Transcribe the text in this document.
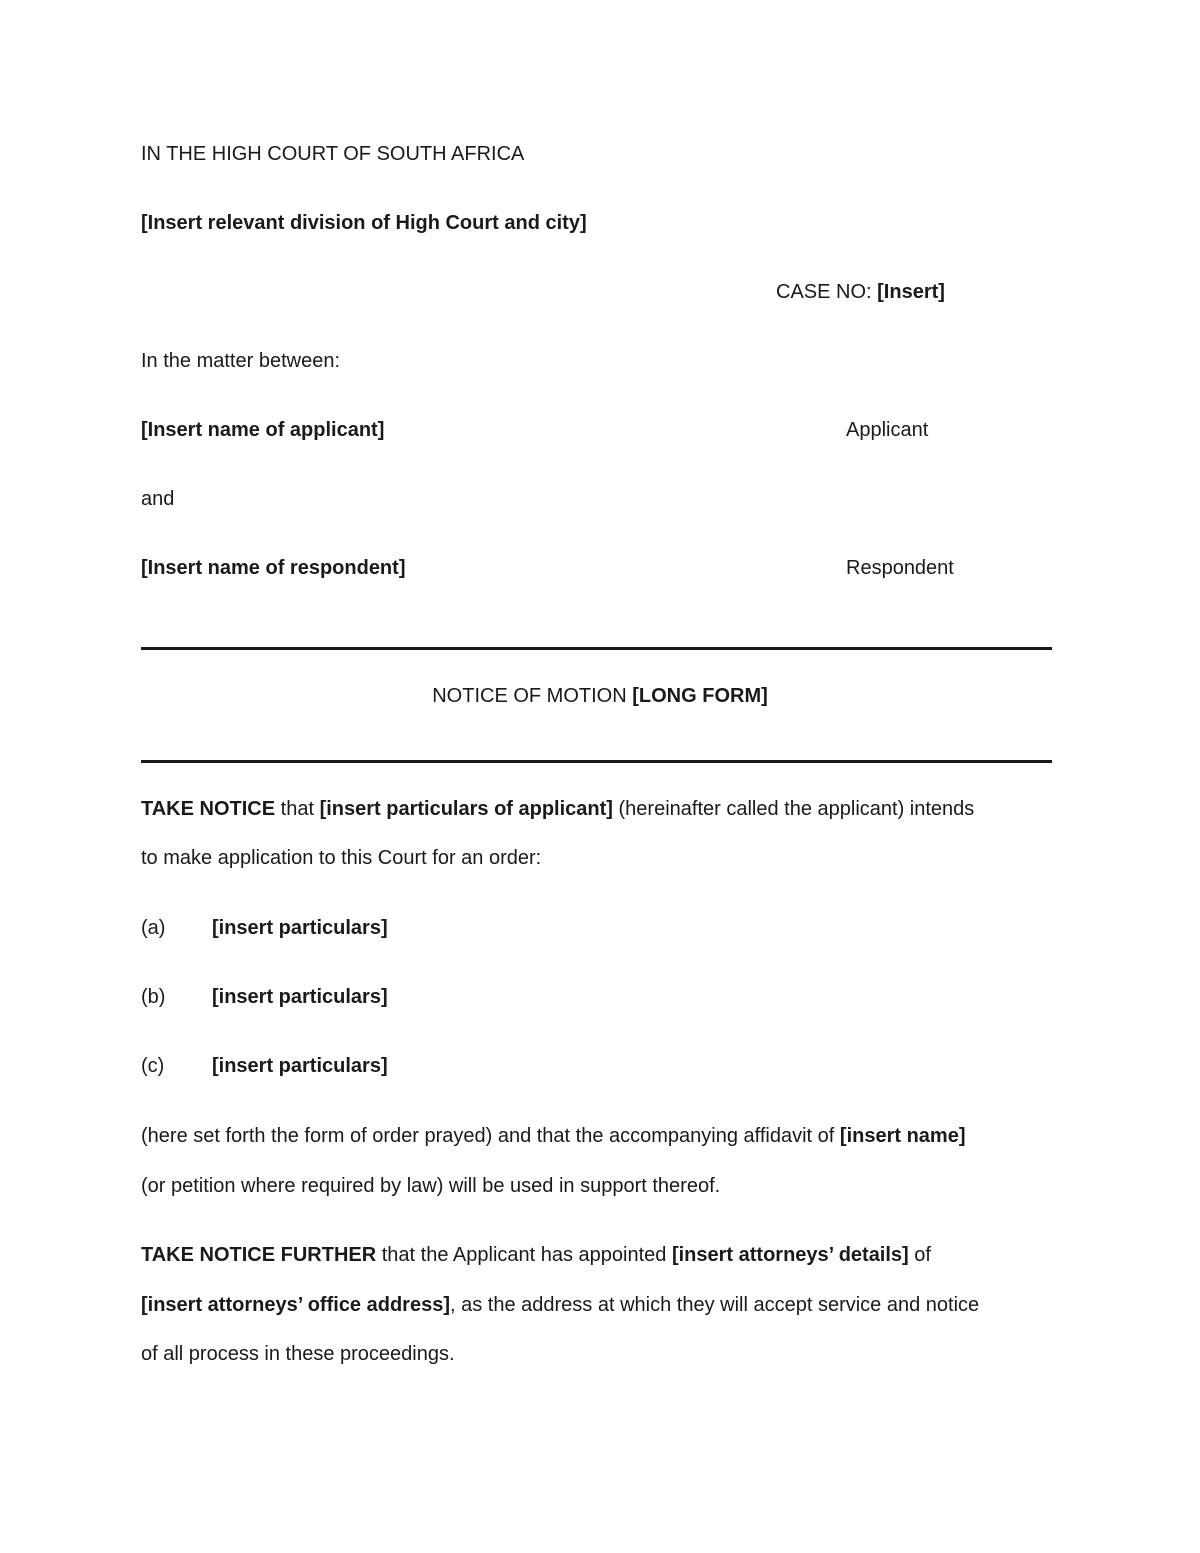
IN THE HIGH COURT OF SOUTH AFRICA
[Insert relevant division of High Court and city]
CASE NO: [Insert]
In the matter between:
[Insert name of applicant]	Applicant
and
[Insert name of respondent]	Respondent
NOTICE OF MOTION [LONG FORM]
TAKE NOTICE that [insert particulars of applicant] (hereinafter called the applicant) intends
to make application to this Court for an order:
(a) [insert particulars]
(b) [insert particulars]
(c) [insert particulars]
(here set forth the form of order prayed) and that the accompanying affidavit of [insert name]
(or petition where required by law) will be used in support thereof.
TAKE NOTICE FURTHER that the Applicant has appointed [insert attorneys’ details] of
[insert attorneys’ office address], as the address at which they will accept service and notice
of all process in these proceedings.
